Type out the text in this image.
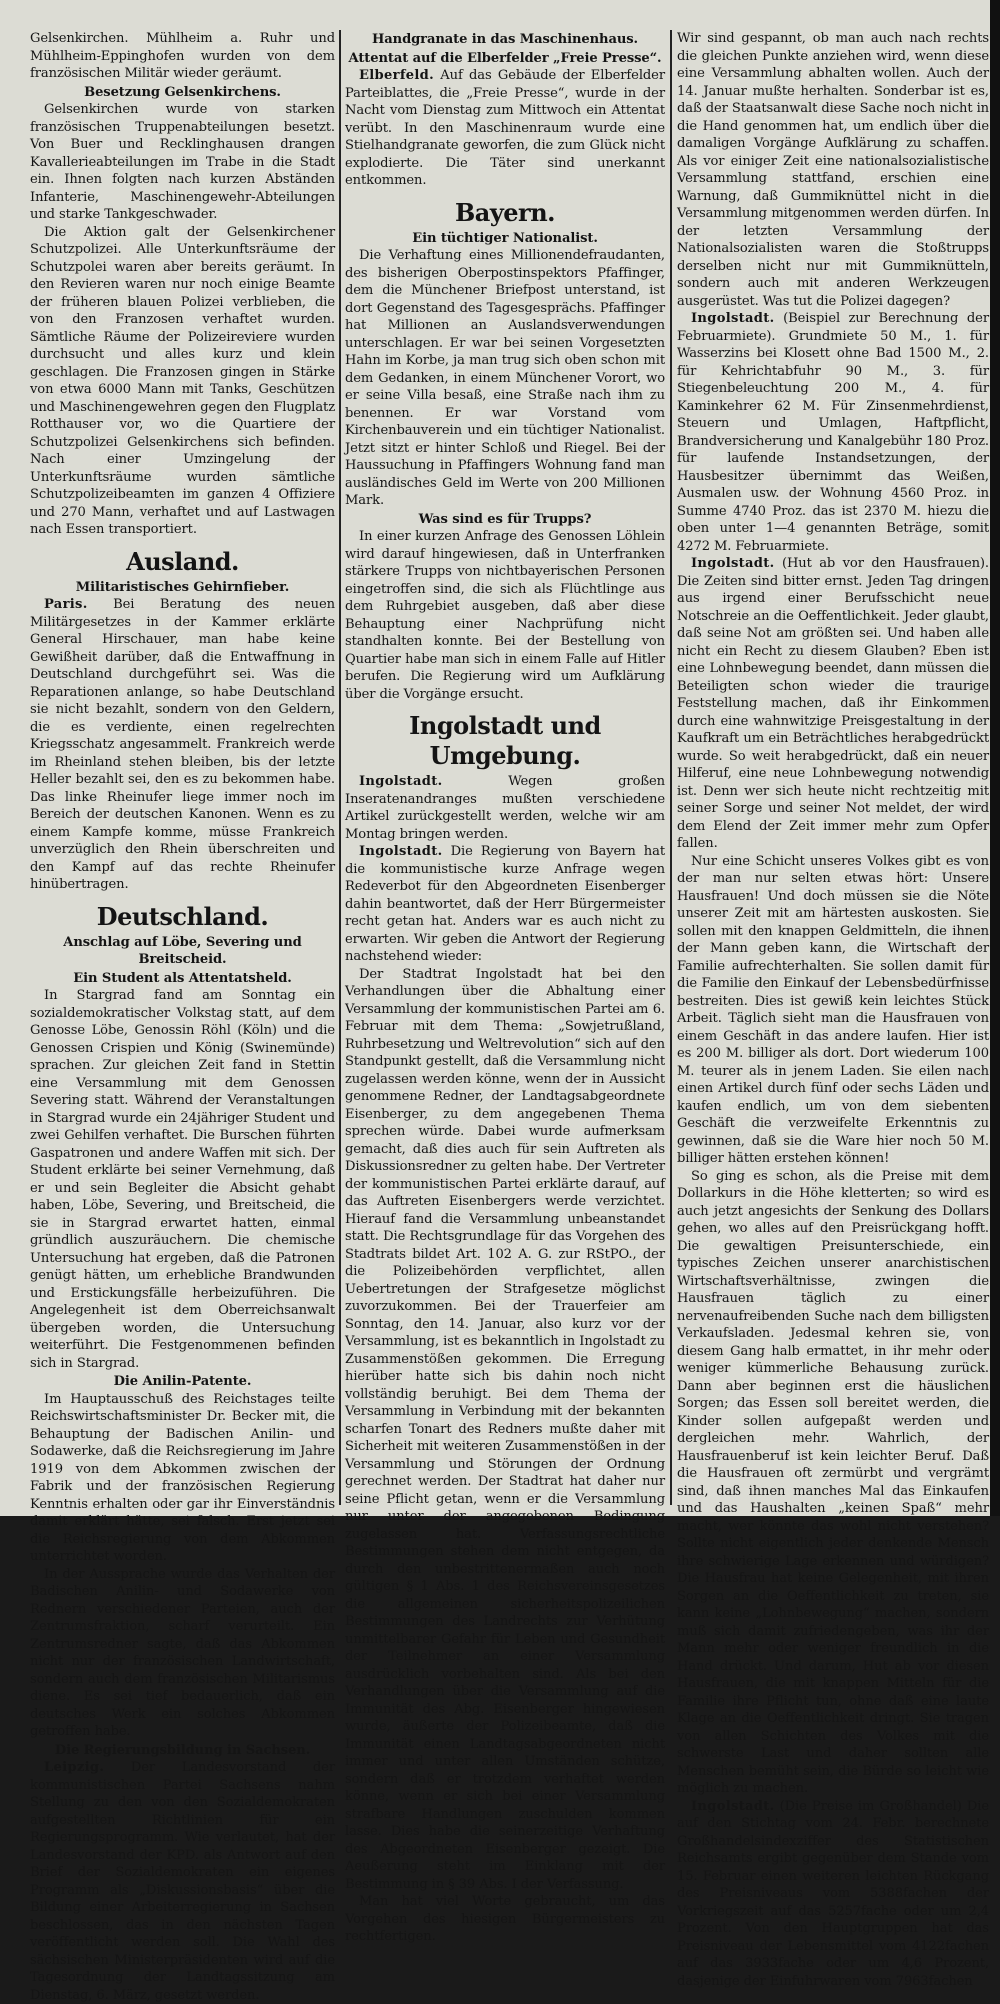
Gelsenkirchen. Mühlheim a. Ruhr und Mühlheim-Eppinghofen wurden von dem französischen Militär wieder geräumt.

Besetzung Gelsenkirchens.

Gelsenkirchen wurde von starken französischen Truppenabteilungen besetzt. Von Buer und Recklinghausen drangen Kavallerieabteilungen im Trabe in die Stadt ein. Ihnen folgten nach kurzen Abständen Infanterie, Maschinengewehr-Abteilungen und starke Tankgeschwader.

Die Aktion galt der Gelsenkirchener Schutzpolizei. Alle Unterkunftsräume der Schutzpolei waren aber bereits geräumt. In den Revieren waren nur noch einige Beamte der früheren blauen Polizei verblieben, die von den Franzosen verhaftet wurden. Sämtliche Räume der Polizeireviere wurden durchsucht und alles kurz und klein geschlagen. Die Franzosen gingen in Stärke von etwa 6000 Mann mit Tanks, Geschützen und Maschinengewehren gegen den Flugplatz Rotthauser vor, wo die Quartiere der Schutzpolizei Gelsenkirchens sich befinden. Nach einer Umzingelung der Unterkunftsräume wurden sämtliche Schutzpolizeibeamten im ganzen 4 Offiziere und 270 Mann, verhaftet und auf Lastwagen nach Essen transportiert.

Ausland.
Militaristisches Gehirnfieber.

Paris. Bei Beratung des neuen Militärgesetzes in der Kammer erklärte General Hirschauer, man habe keine Gewißheit darüber, daß die Entwaffnung in Deutschland durchgeführt sei. Was die Reparationen anlange, so habe Deutschland sie nicht bezahlt, sondern von den Geldern, die es verdiente, einen regelrechten Kriegsschatz angesammelt. Frankreich werde im Rheinland stehen bleiben, bis der letzte Heller bezahlt sei, den es zu bekommen habe. Das linke Rheinufer liege immer noch im Bereich der deutschen Kanonen. Wenn es zu einem Kampfe komme, müsse Frankreich unverzüglich den Rhein überschreiten und den Kampf auf das rechte Rheinufer hinübertragen.

Deutschland.
Anschlag auf Löbe, Severing und Breitscheid.
Ein Student als Attentatsheld.

In Stargrad fand am Sonntag ein sozialdemokratischer Volkstag statt, auf dem Genosse Löbe, Genossin Röhl (Köln) und die Genossen Crispien und König (Swinemünde) sprachen. Zur gleichen Zeit fand in Stettin eine Versammlung mit dem Genossen Severing statt. Während der Veranstaltungen in Stargrad wurde ein 24jähriger Student und zwei Gehilfen verhaftet. Die Burschen führten Gaspatronen und andere Waffen mit sich. Der Student erklärte bei seiner Vernehmung, daß er und sein Begleiter die Absicht gehabt haben, Löbe, Severing, und Breitscheid, die sie in Stargrad erwartet hatten, einmal gründlich auszuräuchern. Die chemische Untersuchung hat ergeben, daß die Patronen genügt hätten, um erhebliche Brandwunden und Erstickungsfälle herbeizuführen. Die Angelegenheit ist dem Oberreichsanwalt übergeben worden, die Untersuchung weiterführt. Die Festgenommenen befinden sich in Stargrad.

Die Anilin-Patente.

Im Hauptausschuß des Reichstages teilte Reichswirtschaftsminister Dr. Becker mit, die Behauptung der Badischen Anilin- und Sodawerke, daß die Reichsregierung im Jahre 1919 von dem Abkommen zwischen der Fabrik und der französischen Regierung Kenntnis erhalten oder gar ihr Einverständnis damit erklärt hätte, sei falsch. Erst jetzt sei die Reichsregierung von dem Abkommen unterrichtet worden.

In der Aussprache wurde das Verhalten der Badischen Anilin- und Sodawerke von Rednern verschiedener Parteien, auch der Zentrumsfraktion, scharf verurteilt. Ein Zentrumsredner sagte, daß das Abkommen nicht nur der französischen Landwirtschaft, sondern auch dem französischen Militarismus diene. Es sei tief bedauerlich, daß ein deutsches Werk ein solches Abkommen getroffen habe.

Die Regierungsbildung in Sachsen.

Leipzig. Der Landesvorstand der kommunistischen Partei Sachsens nahm Stellung zu den von den Sozialdemokraten aufgestellten Richtlinien für ein Regierungsprogramm. Wie verlautet, hat der Landesvorstand der KPD. als Antwort auf den Brief der Sozialdemokraten ein eigenes Programm als „Diskussionsbasis“ über die Bildung einer Arbeiterregierung in Sachsen beschlossen, das in den nächsten Tagen veröffentlicht werden soll. Die Wahl des sächsischen Ministerpräsidenten wird auf die Tagesordnung der Landtagssitzung am Dienstag, 6. März, gesetzt werden.

Handgranate in das Maschinenhaus.
Attentat auf die Elberfelder „Freie Presse“.

Elberfeld. Auf das Gebäude der Elberfelder Parteiblattes, die „Freie Presse“, wurde in der Nacht vom Dienstag zum Mittwoch ein Attentat verübt. In den Maschinenraum wurde eine Stielhandgranate geworfen, die zum Glück nicht explodierte. Die Täter sind unerkannt entkommen.

Bayern.
Ein tüchtiger Nationalist.

Die Verhaftung eines Millionendefraudanten, des bisherigen Oberpostinspektors Pfaffinger, dem die Münchener Briefpost unterstand, ist dort Gegenstand des Tagesgesprächs. Pfaffinger hat Millionen an Auslandsverwendungen unterschlagen. Er war bei seinen Vorgesetzten Hahn im Korbe, ja man trug sich oben schon mit dem Gedanken, in einem Münchener Vorort, wo er seine Villa besaß, eine Straße nach ihm zu benennen. Er war Vorstand vom Kirchenbauverein und ein tüchtiger Nationalist. Jetzt sitzt er hinter Schloß und Riegel. Bei der Haussuchung in Pfaffingers Wohnung fand man ausländisches Geld im Werte von 200 Millionen Mark.

Was sind es für Trupps?

In einer kurzen Anfrage des Genossen Löhlein wird darauf hingewiesen, daß in Unterfranken stärkere Trupps von nichtbayerischen Personen eingetroffen sind, die sich als Flüchtlinge aus dem Ruhrgebiet ausgeben, daß aber diese Behauptung einer Nachprüfung nicht standhalten konnte. Bei der Bestellung von Quartier habe man sich in einem Falle auf Hitler berufen. Die Regierung wird um Aufklärung über die Vorgänge ersucht.

Ingolstadt und Umgebung.

Ingolstadt.	Wegen großen Inseratenandranges mußten verschiedene Artikel zurückgestellt werden, welche wir am Montag bringen werden.

Ingolstadt. Die Regierung von Bayern hat die kommunistische kurze Anfrage wegen Redeverbot für den Abgeordneten Eisenberger dahin beantwortet, daß der Herr Bürgermeister recht getan hat. Anders war es auch nicht zu erwarten. Wir geben die Antwort der Regierung nachstehend wieder:

Der Stadtrat Ingolstadt hat bei den Verhandlungen über die Abhaltung einer Versammlung der kommunistischen Partei am 6. Februar mit dem Thema: „Sowjetrußland, Ruhrbesetzung und Weltrevolution“ sich auf den Standpunkt gestellt, daß die Versammlung nicht zugelassen werden könne, wenn der in Aussicht genommene Redner, der Landtagsabgeordnete Eisenberger, zu dem angegebenen Thema sprechen würde. Dabei wurde aufmerksam gemacht, daß dies auch für sein Auftreten als Diskussionsredner zu gelten habe. Der Vertreter der kommunistischen Partei erklärte darauf, auf das Auftreten Eisenbergers werde verzichtet. Hierauf fand die Versammlung unbeanstandet statt. Die Rechtsgrundlage für das Vorgehen des Stadtrats bildet Art. 102 A. G. zur RStPO., der die Polizeibehörden verpflichtet, allen Uebertretungen der Strafgesetze möglichst zuvorzukommen. Bei der Trauerfeier am Sonntag, den 14. Januar, also kurz vor der Versammlung, ist es bekanntlich in Ingolstadt zu Zusammenstößen gekommen. Die Erregung hierüber hatte sich bis dahin noch nicht vollständig beruhigt. Bei dem Thema der Versammlung in Verbindung mit der bekannten scharfen Tonart des Redners mußte daher mit Sicherheit mit weiteren Zusammenstößen in der Versammlung und Störungen der Ordnung gerechnet werden. Der Stadtrat hat daher nur seine Pflicht getan, wenn er die Versammlung nur unter der angegebenen Bedingung zugelassen hat. Verfassungsrechtliche Bestimmungen stehen dem nicht entgegen, da durch den unbestrittenermaßen auch noch gültigen § 1 Abs. 1 des Reichsvereinsgesetzes die allgemeinen sicherheitspolizeilichen Bestimmungen des Landrechts zur Verhütung unmittelbarer Gefahr für Leben und Gesundheit der Teilnehmer an einer Versammlung ausdrücklich vorbehalten sind. Als bei den Verhandlungen über die Versammlung auf die Immunität des Abg. Eisenberger hingewiesen wurde, äußerte der Polizeibeamte, daß die Immunität einen Landtagsabgeordneten nicht immer und unter allen Umständen schütze, sondern daß er trotzdem verhaftet werden könne, wenn er sich bei einer Versammlung strafbare Handlungen zuschulden kommen lasse. Dies habe die seinerzeitige Verhaftung des Abgeordneten Eisenberger gezeigt. Die Aeußerung steht im Einklang mit der Bestimmung in § 39 Abs. I der Verfassung.

Man hat viel Worte gebraucht, um das Vorgehen des hiesigen Bürgermeisters zu rechtfertigen.

Wir sind gespannt, ob man auch nach rechts die gleichen Punkte anziehen wird, wenn diese eine Versammlung abhalten wollen. Auch der 14. Januar mußte herhalten. Sonderbar ist es, daß der Staatsanwalt diese Sache noch nicht in die Hand genommen hat, um endlich über die damaligen Vorgänge Aufklärung zu schaffen. Als vor einiger Zeit eine nationalsozialistische Versammlung stattfand, erschien eine Warnung, daß Gummiknüttel nicht in die Versammlung mitgenommen werden dürfen. In der letzten Versammlung der Nationalsozialisten waren die Stoßtrupps derselben nicht nur mit Gummiknütteln, sondern auch mit anderen Werkzeugen ausgerüstet. Was tut die Polizei dagegen?

Ingolstadt. (Beispiel zur Berechnung der Februarmiete). Grundmiete 50 M., 1. für Wasserzins bei Klosett ohne Bad 1500 M., 2. für Kehrichtabfuhr 90 M., 3. für Stiegenbeleuchtung 200 M., 4. für Kaminkehrer 62 M. Für Zinsenmehrdienst, Steuern und Umlagen, Haftpflicht, Brandversicherung und Kanalgebühr 180 Proz. für laufende Instandsetzungen, der Hausbesitzer übernimmt das Weißen, Ausmalen usw. der Wohnung 4560 Proz. in Summe 4740 Proz. das ist 2370 M. hiezu die oben unter 1—4 genannten Beträge, somit 4272 M. Februarmiete.

Ingolstadt. (Hut ab vor den Hausfrauen). Die Zeiten sind bitter ernst. Jeden Tag dringen aus irgend einer Berufsschicht neue Notschreie an die Oeffentlichkeit. Jeder glaubt, daß seine Not am größten sei. Und haben alle nicht ein Recht zu diesem Glauben? Eben ist eine Lohnbewegung beendet, dann müssen die Beteiligten schon wieder die traurige Feststellung machen, daß ihr Einkommen durch eine wahnwitzige Preisgestaltung in der Kaufkraft um ein Beträchtliches herabgedrückt wurde. So weit herabgedrückt, daß ein neuer Hilferuf, eine neue Lohnbewegung notwendig ist. Denn wer sich heute nicht rechtzeitig mit seiner Sorge und seiner Not meldet, der wird dem Elend der Zeit immer mehr zum Opfer fallen.

Nur eine Schicht unseres Volkes gibt es von der man nur selten etwas hört: Unsere Hausfrauen! Und doch müssen sie die Nöte unserer Zeit mit am härtesten auskosten. Sie sollen mit den knappen Geldmitteln, die ihnen der Mann geben kann, die Wirtschaft der Familie aufrechterhalten. Sie sollen damit für die Familie den Einkauf der Lebensbedürfnisse bestreiten. Dies ist gewiß kein leichtes Stück Arbeit. Täglich sieht man die Hausfrauen von einem Geschäft in das andere laufen. Hier ist es 200 M. billiger als dort. Dort wiederum 100 M. teurer als in jenem Laden. Sie eilen nach einen Artikel durch fünf oder sechs Läden und kaufen endlich, um von dem siebenten Geschäft die verzweifelte Erkenntnis zu gewinnen, daß sie die Ware hier noch 50 M. billiger hätten erstehen können!

So ging es schon, als die Preise mit dem Dollarkurs in die Höhe kletterten; so wird es auch jetzt angesichts der Senkung des Dollars gehen, wo alles auf den Preisrückgang hofft. Die gewaltigen Preisunterschiede, ein typisches Zeichen unserer anarchistischen Wirtschaftsverhältnisse, zwingen die Hausfrauen täglich zu einer nervenaufreibenden Suche nach dem billigsten Verkaufsladen. Jedesmal kehren sie, von diesem Gang halb ermattet, in ihr mehr oder weniger kümmerliche Behausung zurück. Dann aber beginnen erst die häuslichen Sorgen; das Essen soll bereitet werden, die Kinder sollen aufgepaßt werden und dergleichen mehr. Wahrlich, der Hausfrauenberuf ist kein leichter Beruf. Daß die Hausfrauen oft zermürbt und vergrämt sind, daß ihnen manches Mal das Einkaufen und das Haushalten „keinen Spaß“ mehr macht, wer könnte das wohl nicht verstehen? Sollte nicht eigentlich jeder denkende Mensch ihre schwierige Lage erkennen und würdigen? Die Hausfrau hat keine Gelegenheit, mit ihren Sorgen an die Oeffentlichkeit zu treten, sie kann keine „Lohnbewegung“ machen, sondern muß sich damit zufriedengeben, was ihr der Mann mehr oder weniger freundlich in die Hand drückt. Und darum, Hut ab vor diesen Hausfrauen, die mit knappen Mitteln für die Familie ihre Pflicht tun, ohne daß eine laute Klage an die Oeffentlichkeit dringt. Sie tragen von allen Schichten des Volkes mit die schwerste Last und daher sollten alle Menschen bemüht sein, die Bürde so leicht wie möglich zu machen.

Ingolstadt. (Die Preise im Großhandel) Die auf den Stichtag vom 24. Febr. berechnete Großhandelsindexziffer des Statistischen Reichsamts ergibt gegenüber dem Stande vom 15. Februar einen weiteren leichten Rückgang des Preisniveaus vom 5388fachen der Vorkriegszeit auf das 5257fache oder um 2,4 Prozent. Von den Hauptgruppen hat das Preisniveau der Lebensmittel vom 4122fachen auf das 3933fache oder um 4,6 Prozent, dasjenige der Einfuhrwaren vom 7963fachen
